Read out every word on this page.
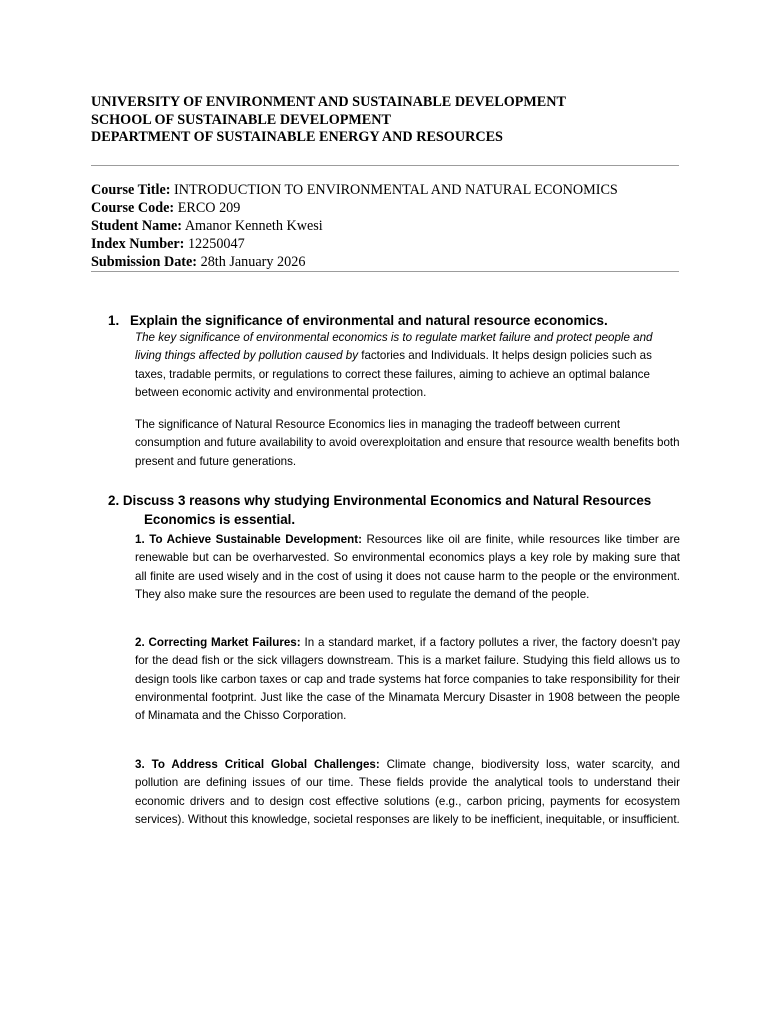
UNIVERSITY OF ENVIRONMENT AND SUSTAINABLE DEVELOPMENT
SCHOOL OF SUSTAINABLE DEVELOPMENT
DEPARTMENT OF SUSTAINABLE ENERGY AND RESOURCES
Course Title: INTRODUCTION TO ENVIRONMENTAL AND NATURAL ECONOMICS
Course Code: ERCO 209
Student Name: Amanor Kenneth Kwesi
Index Number: 12250047
Submission Date: 28th January 2026
1. Explain the significance of environmental and natural resource economics.
The key significance of environmental economics is to regulate market failure and protect people and living things affected by pollution caused by factories and Individuals. It helps design policies such as taxes, tradable permits, or regulations to correct these failures, aiming to achieve an optimal balance between economic activity and environmental protection.
The significance of Natural Resource Economics lies in managing the tradeoff between current consumption and future availability to avoid overexploitation and ensure that resource wealth benefits both present and future generations.
2. Discuss 3 reasons why studying Environmental Economics and Natural Resources
Economics is essential.
1. To Achieve Sustainable Development: Resources like oil are finite, while resources like timber are renewable but can be overharvested. So environmental economics plays a key role by making sure that all finite are used wisely and in the cost of using it does not cause harm to the people or the environment. They also make sure the resources are been used to regulate the demand of the people.
2. Correcting Market Failures: In a standard market, if a factory pollutes a river, the factory doesn't pay for the dead fish or the sick villagers downstream. This is a market failure. Studying this field allows us to design tools like carbon taxes or cap and trade systems hat force companies to take responsibility for their environmental footprint. Just like the case of the Minamata Mercury Disaster in 1908 between the people of Minamata and the Chisso Corporation.
3. To Address Critical Global Challenges: Climate change, biodiversity loss, water scarcity, and pollution are defining issues of our time. These fields provide the analytical tools to understand their economic drivers and to design cost effective solutions (e.g., carbon pricing, payments for ecosystem services). Without this knowledge, societal responses are likely to be inefficient, inequitable, or insufficient.
